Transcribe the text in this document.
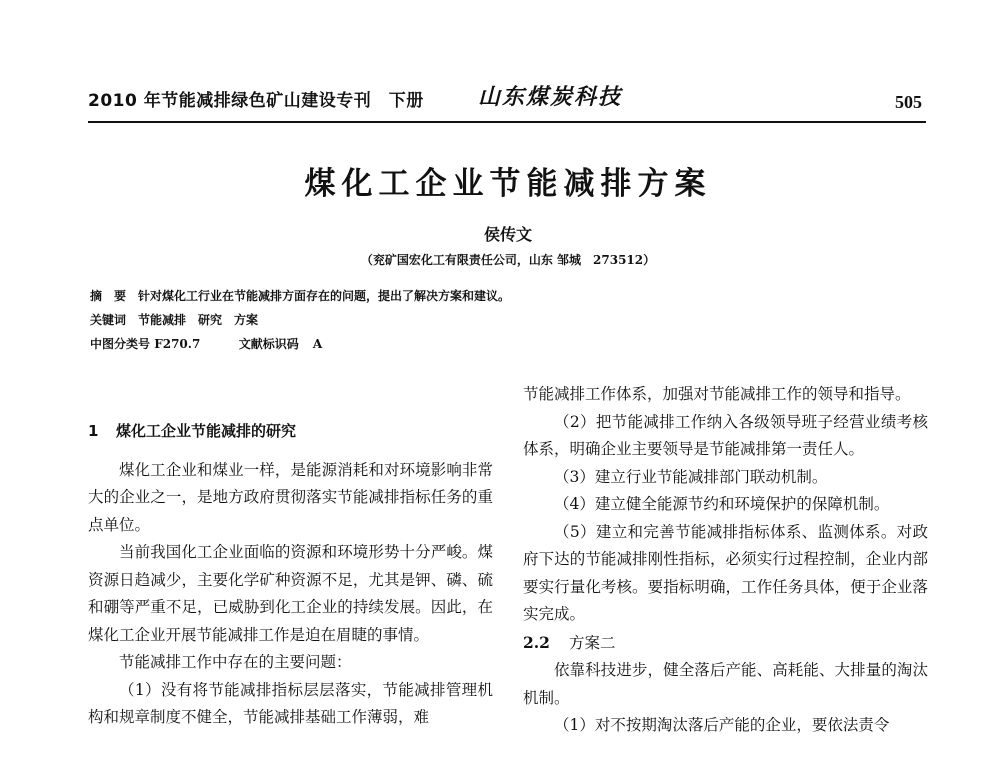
2010 年节能减排绿色矿山建设专刊　下册 山东煤炭科技	505
煤化工企业节能减排方案
侯传文
（兖矿国宏化工有限责任公司，山东 邹城　273512）
摘　要 针对煤化工行业在节能减排方面存在的问题，提出了解决方案和建议。
关键词 节能减排　研究　方案
中图分类号 F270.7	文献标识码 A

1 煤化工企业节能减排的研究

煤化工企业和煤业一样，是能源消耗和对环境影响非常大的企业之一，是地方政府贯彻落实节能减排指标任务的重点单位。

当前我国化工企业面临的资源和环境形势十分严峻。煤资源日趋减少，主要化学矿种资源不足，尤其是钾、磷、硫和硼等严重不足，已威胁到化工企业的持续发展。因此，在煤化工企业开展节能减排工作是迫在眉睫的事情。

节能减排工作中存在的主要问题：

（1）没有将节能减排指标层层落实，节能减排管理机构和规章制度不健全，节能减排基础工作薄弱，难

节能减排工作体系，加强对节能减排工作的领导和指导。

（2）把节能减排工作纳入各级领导班子经营业绩考核体系，明确企业主要领导是节能减排第一责任人。

（3）建立行业节能减排部门联动机制。

（4）建立健全能源节约和环境保护的保障机制。

（5）建立和完善节能减排指标体系、监测体系。对政府下达的节能减排刚性指标，必须实行过程控制，企业内部要实行量化考核。要指标明确，工作任务具体，便于企业落实完成。

2.2 方案二

依靠科技进步，健全落后产能、高耗能、大排量的淘汰机制。

（1）对不按期淘汰落后产能的企业，要依法责令
